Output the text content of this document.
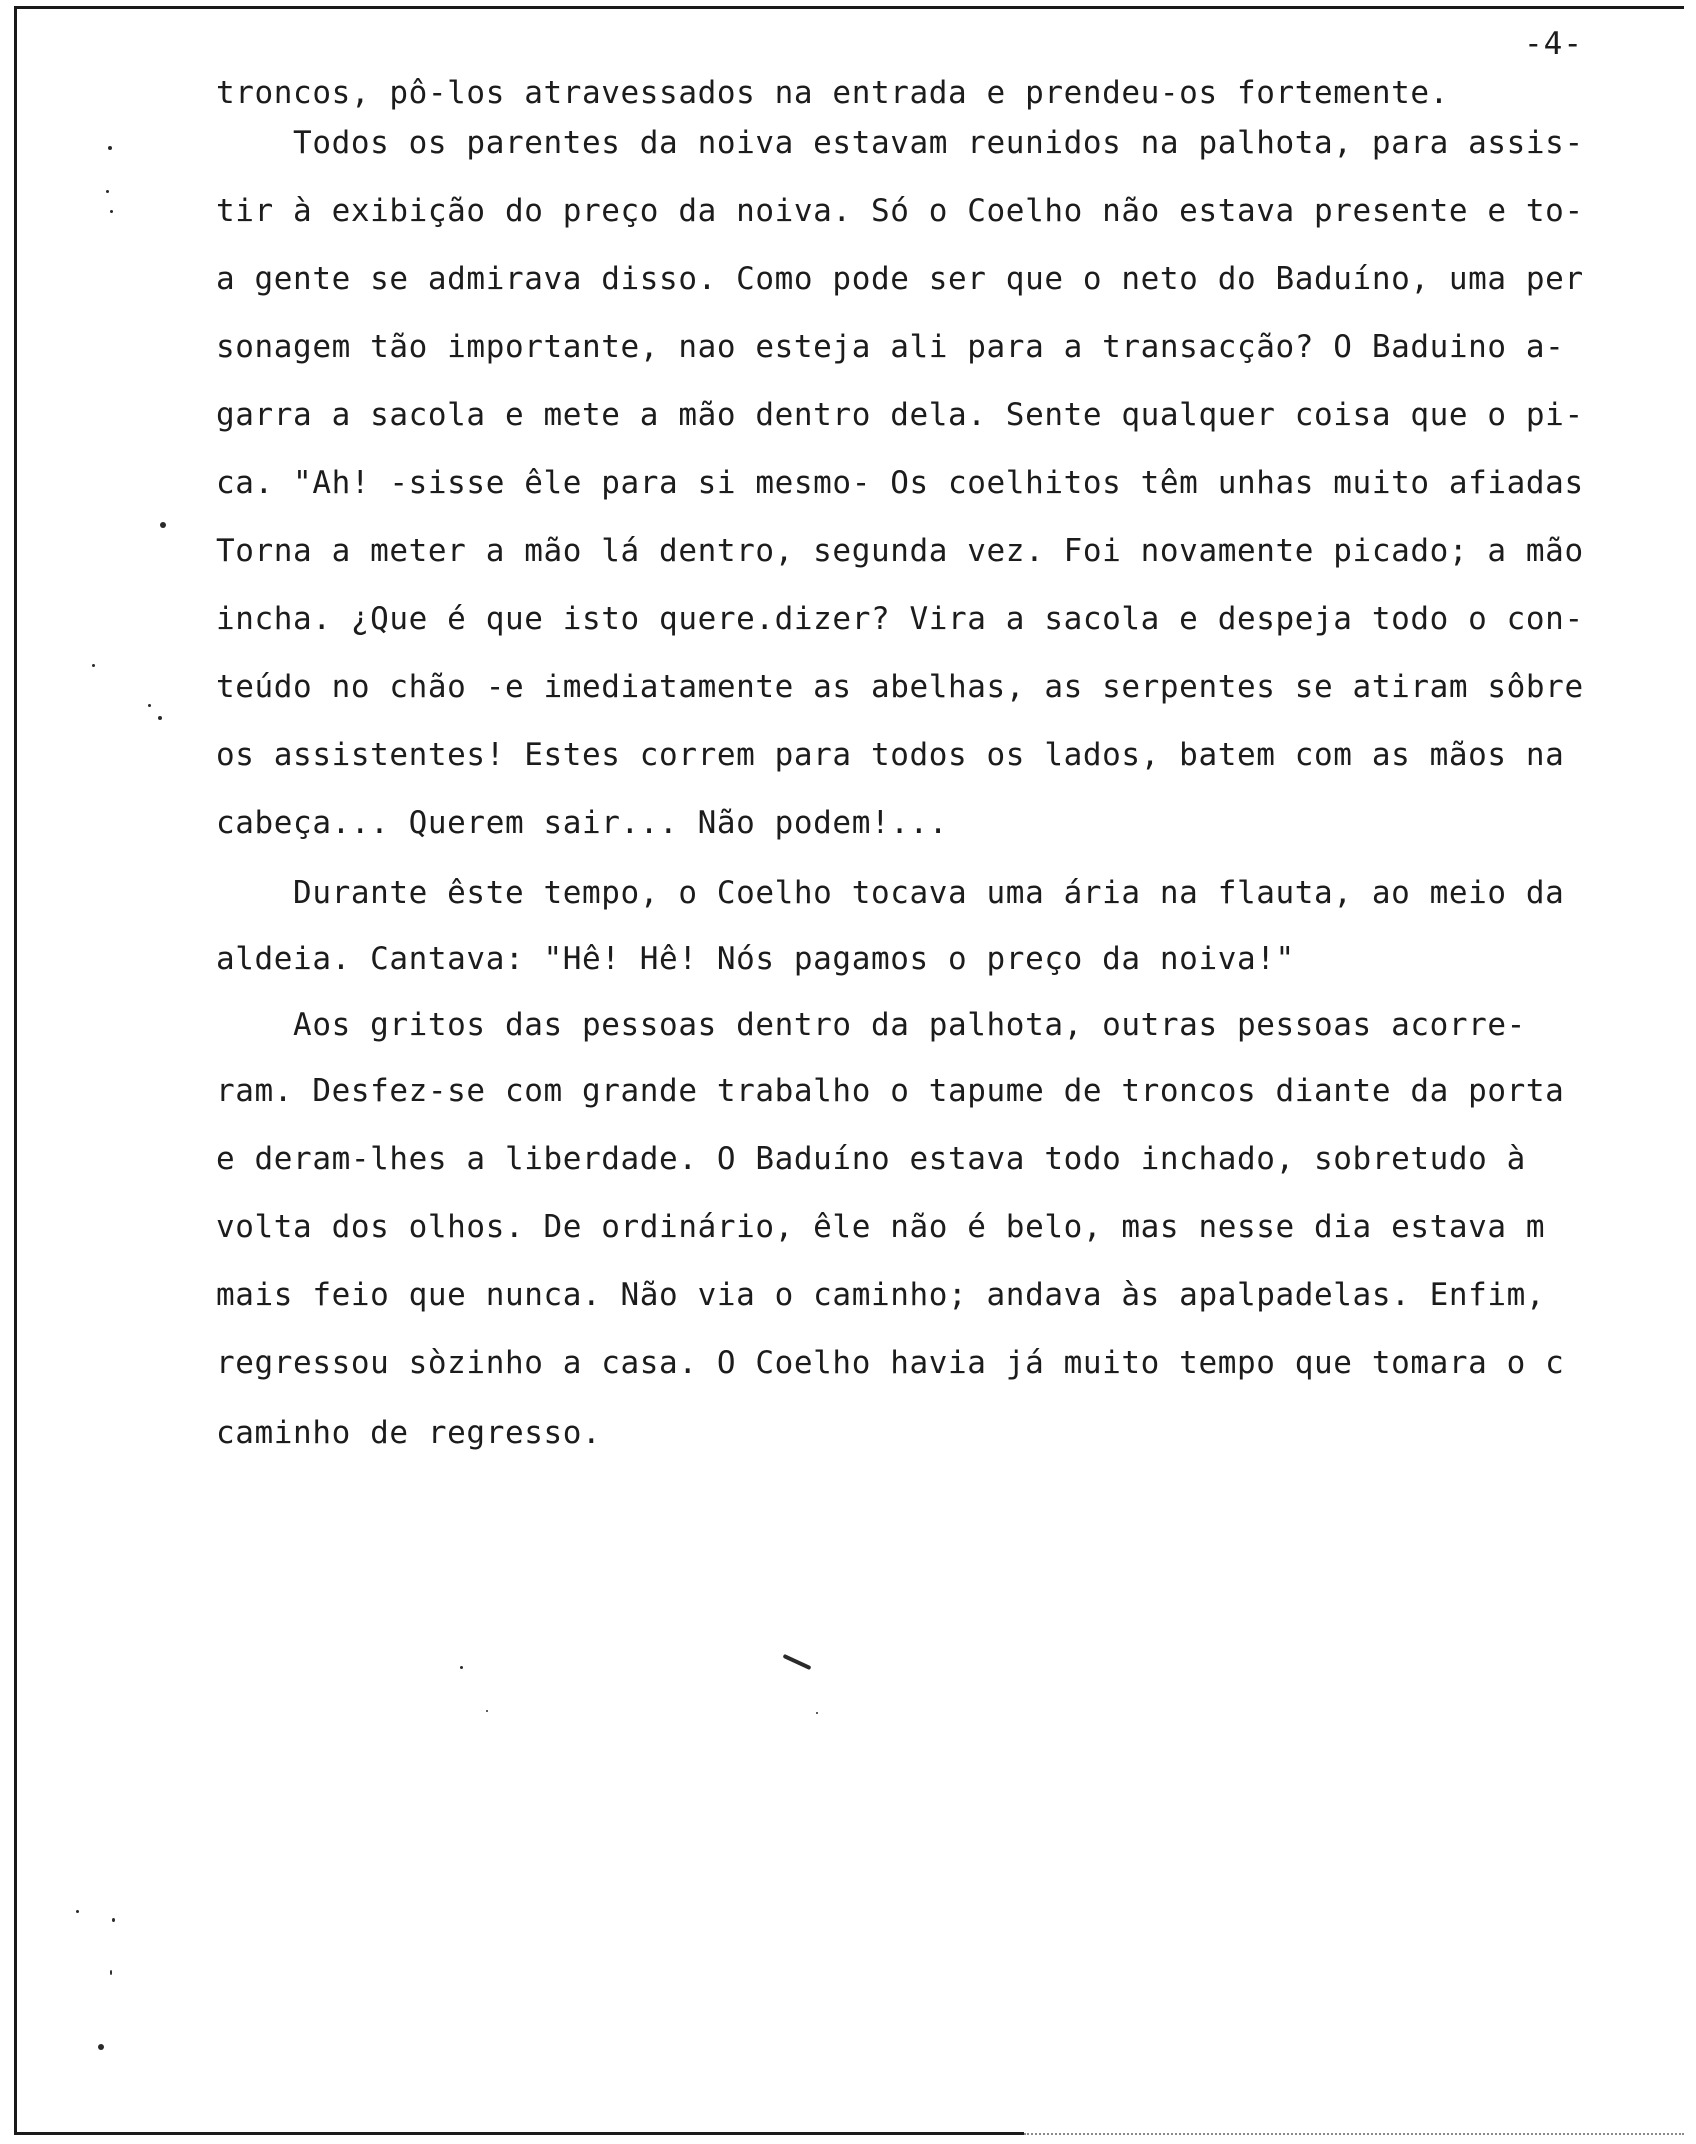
-4-
troncos, pô-los atravessados na entrada e prendeu-os fortemente.
Todos os parentes da noiva estavam reunidos na palhota, para assis-
tir à exibição do preço da noiva. Só o Coelho não estava presente e to-
a gente se admirava disso. Como pode ser que o neto do Baduíno, uma per
sonagem tão importante, nao esteja ali para a transacção? O Baduino a-
garra a sacola e mete a mão dentro dela. Sente qualquer coisa que o pi-
ca. "Ah! -sisse êle para si mesmo- Os coelhitos têm unhas muito afiadas
Torna a meter a mão lá dentro, segunda vez. Foi novamente picado; a mão
incha. ¿Que é que isto quere.dizer? Vira a sacola e despeja todo o con-
teúdo no chão -e imediatamente as abelhas, as serpentes se atiram sôbre
os assistentes! Estes correm para todos os lados, batem com as mãos na
cabeça... Querem sair... Não podem!...
Durante êste tempo, o Coelho tocava uma ária na flauta, ao meio da
aldeia. Cantava: "Hê! Hê! Nós pagamos o preço da noiva!"
Aos gritos das pessoas dentro da palhota, outras pessoas acorre-
ram. Desfez-se com grande trabalho o tapume de troncos diante da porta
e deram-lhes a liberdade. O Baduíno estava todo inchado, sobretudo à
volta dos olhos. De ordinário, êle não é belo, mas nesse dia estava m
mais feio que nunca. Não via o caminho; andava às apalpadelas. Enfim,
regressou sòzinho a casa. O Coelho havia já muito tempo que tomara o c
caminho de regresso.
